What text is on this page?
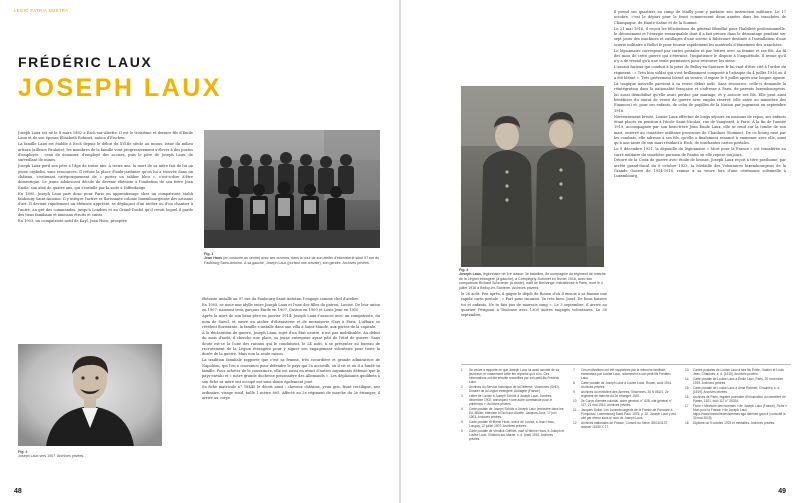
LEGIO PATRIA NOSTRA
FRÉDÉRIC LAUX
JOSEPH LAUX

Joseph Laux est né le 8 mars 1882 à Esch-sur-Alzette. Il est le troisième et dernier fils d'Émile Laux et de son épouse Élisabeth Robinet, natice d'Eischen.

La famille Laux est établie à Esch depuis le début du XVIIIe siècle au moins. Issue du milieu artisan (ailleurs Paulaite), les membres de la famille vont progressivement s'élever à des postes d'employés : ceux de douanier, d'employé des accises, puis le père de Joseph Laux, de surveillant de mines.

Joseph Laux perd son père à l'âge de treize ans. À treize ans, la mort de sa mère fait de lui un jeune orphelin, sans ressources. Il refuse la place d'aide-jardinier qu'on lui a trouvée dans un château, s'estimant catégoriquement de « porter un tablier bleu », c'est-à-dire d'être domestique. Le jeune adolescent décide de devenir ébéniste à l'imitation de son frère Jean Émile, son aîné de quatre ans, qui s'installe par la suite à Differdange.

En 1895, Joseph Laux part donc pour Paris en apprentissage chez un compatriote établi faubourg Saint-Antoine. Il y intègre l'active et florissante colonie luxembourgeoise des artisans d'art. Il devient rapidement un ébéniste apprécié, se déplaçant d'un atelier ou d'un chantier à l'autre, au gré des commandes, jusqu'à Londres et au Grand-Duché qu'il revoit lequel il garde des liens familiaux et amicaux étroits et suivis.

En 1903, un compatriote notif de Kayl, Jean Hoos, prospère

Fig. 1
Jean Hoos (en costume au centre) avec ses ouvriers, dans la cour de son atelier d'ébénisterie situé 97 rue du Faubourg Saint-Antoine. À sa gauche, Joseph Laux (portant une cravate), son gendre. Archives privées.
Fig. 2
Joseph Laux vers 1907. Archives privées.

ébéniste installé au 97 rue du Faubourg Saint-Antoine, l'engage comme chef d'atelier.

En 1905, se noue une idylle entre Joseph Laux et l'une des filles du patron, Louise. De leur union en 1907, naissent trois garçons Émile en 1907, Gaston en 1909 et Louis Jean en 1910.

Après la mort de son beau-père en janvier 1914, Joseph Laux s'associe avec un compatriote, du nom de Saeul, et ouvre un atelier d'ébénisterie et de menuiserie d'art à Paris. L'affaire se révèlent florissante, la famille s'installe dans une villa à Saint-Mandé, aux portes de la capitale.

À la déclaration de guerre, Joseph Laux, sujet d'un État neutre, n'est pas mobilisable. Au début du mois d'août, il cherche une place, sa jeune entreprise ayant pâti de l'état de guerre. Sans doute est-ce là l'une des raisons qui le conduisent, le 24 août, à se présenter au bureau de recrutement de la Légion étrangère pour y signer son engagement volontaire pour toute la durée de la guerre. Mais non la seule raison.

La tradition familiale rapporte que c'est sa femme, très cocardière et grande admiratrice de Napoléon, qui l'en a convaincu pour défendre le pays qui l'a accueilli, où il vit et où il a fondé sa famille. Pour acheter de le convaincre, elle est aussi en avant d'autres arguments défense que le pays-envahi et « notre grande duchesse prisonnière des Allemands ». Les déplaisants quolibets à son fiche sa mère ont occupé ont sans doute également joué.

Sa fiche matricule n° 18445 le décrit ainsi : cheveux châtains, yeux gris, front rectiligne, nez ordinaire, visage rond, taille 1 mètre 805. Affecté au 2e régiment de marche du 2e étranger, il arrive au corps

48
Fig. 3
Joseph Laux, légionnaire de 1re classe, 3e bataillon, 8e compagnie du régiment de marche de la Légion étrangère (à gauche), à Compiegny-Sommet en février 1916, avec son compatriote Richard Schroeder (à droite), natif de Berbange, mitrailleuse à Paris, mort le 4 juillet 1916 à Belloy-en-Santerre. Archives privées.

il prend ses quartiers au camp de Mailly pour y parfaire son instruction militaire. Le 17 octobre, c'est le départ pour le front commencent deux années dans les tranchées de Champagne, de Haute-Saône et de la Somme.

Le 21 mai 1916, il reçoit les félicitations du général Blondlat pour l'habileté professionnelle, le dévouement et l'énergie remarquable dont il a fait preuve dans le démontage pendant six-sept jours des machines et outillages d'une scierie à Ribécourt destinée à l'installation d'une scierie militaire à Rollot fr pour fournir rapidement les matériels d'étaiement des tranchées.

Le légionnaire correspond par cartes postales et par lettres avec sa femme et ses fils. Au fil des mois de cette guerre qui s'éternise, l'impatience le dispute à l'inquiétude. Il avoue qu'il n'y a de travail qu'à une seule permission pour retrouver les siens.

L'assaut furieux qui conduit à la prise de Belloy-en-Santerre fr lui vaut d'être cité à l'ordre du régiment : « Très bon soldat qui s'est brillamment comporté à l'attaque du 4 juillet 1916 où il a été blessé ». Très grièvement blessé au ventre, il expire le 9 juillet après une longue agonie.

La tragique nouvelle parvient à sa veuve début août. Sans ressource, celle-ci demande la réintégration dans la nationalité française et s'adresse à Paris, de parents luxembourgeois, lui aussi démobilisé qu'elle avait perdue par mariage, et y associe ses fils. Elle peut ainsi bénéficier du statut de veuve de guerre avec emploi réservé (elle entre au ministère des Finances) et, pour ses enfants, de celui de pupilles de la Nation par jugement en septembre 1916.

Nerveusement brisée, Louise Laux effectue de longs séjours en maisons de repos, ses enfants étant placés en pension à l'école Saint-Nicolas, rue de Vaugirard, à Paris. À la fin de l'année 1919, accompagnée par son beau-frère Jean Émile Laux, elle se rend sur la tombe de son mari, enterré au cimetière militaire provisoire de Chaulnes (Somme). De ce bourg rasé par les combats, elle adresse à ses fils, qu'elle a finalement renoncé à emmener avec elle, ainsi qu'à une tante de son mari résidant à Esch, de touchantes cartes postales.

Le 9 décembre 1921, la dépouille du légionnaire « Mort pour la France » est transférée au carré militaire du cimetière parisien de Pantin où elle repose toujours.

Décoré de la Croix de guerre avec étoile de bronze, Joseph Laux reçoit à titre posthume, par arrêté grand-ducal du 8 octobre 1923, la Médaille des Volontaires luxembourgeois de la Grande Guerre de 1914-1918, remise à sa veuve lors d'une cérémonie solennelle à Luxembourg.

le 26 août. Peu après, il gagne le dépôt de Rouen d'où il envoie à sa femme une rapide carte postale : « Part pour inconnu. Va très bien. Josef. De bons baisers toi et enfants. Ne te fais pas de mauvais sang ». Le 3 septembre, il arrive au quartier Périgonn à Toulouse avec 1300 autres engagés volontaires. Le 30 septembre,

1	Se veuve a rapporté ce que Joseph Laux lui avait raconté de sa jeunesse, et notamment cette fier réponse qu'il a lui. Ces informations ont été ensuite recueillies par son petit-fils Frédéric Laux.
2	Archives du Service historique de la Défense, Vincennes (SHD), Dossier de la Légion étrangère, Aubagne (France).
3	Lettre de Louise à Joseph Schütz à Joseph Laux, Londres, décembre 1902, annonçant « une autre commande pour le printemps ». Archives privées.
4	Carte postale de Joseph Schütz à Joseph Laux (exécutée dans les Ed. Müller, ébéniste à Esch-sur-Alzette, Jacques-Joux, 17 juin 1903. Archives privées.
5	Carte postale d'Hélène Hoos, soeur de Louise, à Jean Hoos, Longwy, 12 juillet 1907. Archives privées.
6	Carte postale de Vendick Coffinet, mari d'Hélène Hoos, à Joseph et Louise Laux, Châlons-sur-Marne, s. d. (mai) 1916, Archives privées.
7	Ces motivations ont été rapportées par la mémoire familiale, transmises par Louise Laux, notamment à son petit-fils Frédéric Laux.
8	Carte postale de Joseph Laux à Louise Laux, Rouen, août 1914. Archives privées.
9	Archives du ministère des Armées, Vincennes, 26 N 862/1, 2e régiment de marche du 2e étranger, JMO.
10	2e Corps d'armée colonial, ordre général, n° 628, cité général n° 117, 21 mai 1916. Archives privées.
11	Jacques Dollar, Les Luxembourgeois de la France de Poincaré à Pompidou. Luxembourg Saint-Paul, 1975, p. 32. Joseph Laux y est cité par erreur sous le nom de Joseph Laus.
12	Archives nationales de France, Conseil du Seine, 88/11/4137, dossier 11630 X 17.
13	Cartes postales de Louise Laux à ses fils Émile, Gaston et Louis Jean, Chaulnes, s. d. [1919]. Archives privées.
14	Carte postale de Louise Laux à Émile Laux, Paris, 20 novembre 1919. Archives privées.
15	Carte postale de Louise Laux à Anne Robinet, Chaulnes, s. d. [1919]. Archives privées.
16	Archives de Paris, registre journalier d'inhumation du cimetière de Pantin, 1921, folio 117 n° 26334.
17	Fiche « Mémoire des hommes » de Joseph Laux (France), Fiche « Mort pour la France » de Joseph Laux https://www.memoiredeshommes.sga.defense.gouv.fr [consulté le 30 mai 2019].
18	Diplôme du 9 octobre 1923 et médailles. Archives privées.
49
